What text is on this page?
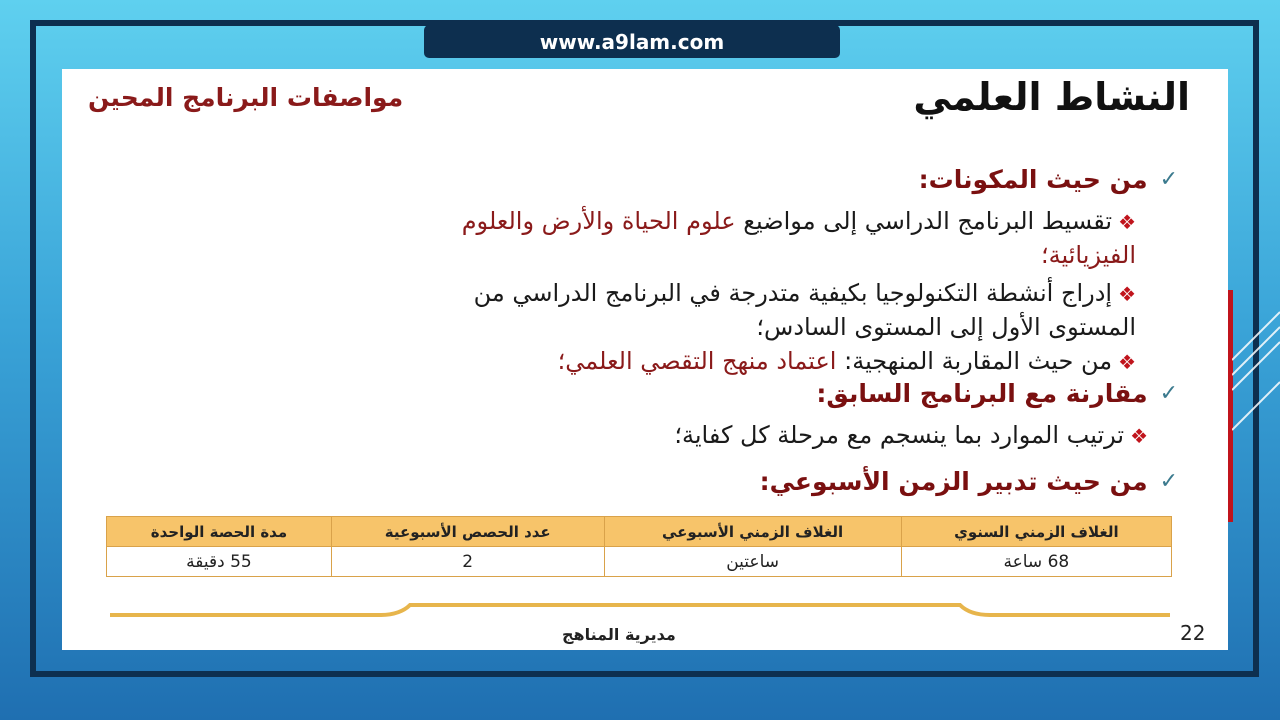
www.a9lam.com
النشاط العلمي
مواصفات البرنامج المحين
✓
من حيث المكونات:
❖تقسيط البرنامج الدراسي إلى مواضيع علوم الحياة والأرض والعلوم
الفيزيائية؛
❖إدراج أنشطة التكنولوجيا بكيفية متدرجة في البرنامج الدراسي من
المستوى الأول إلى المستوى السادس؛
❖من حيث المقاربة المنهجية: اعتماد منهج التقصي العلمي؛
✓
مقارنة مع البرنامج السابق:
❖ترتيب الموارد بما ينسجم مع مرحلة كل كفاية؛
✓
من حيث تدبير الزمن الأسبوعي:
الغلاف الزمني السنوي	الغلاف الزمني الأسبوعي	عدد الحصص الأسبوعية	مدة الحصة الواحدة
68 ساعة	ساعتين	2	55 دقيقة
مديرية المناهج	22
